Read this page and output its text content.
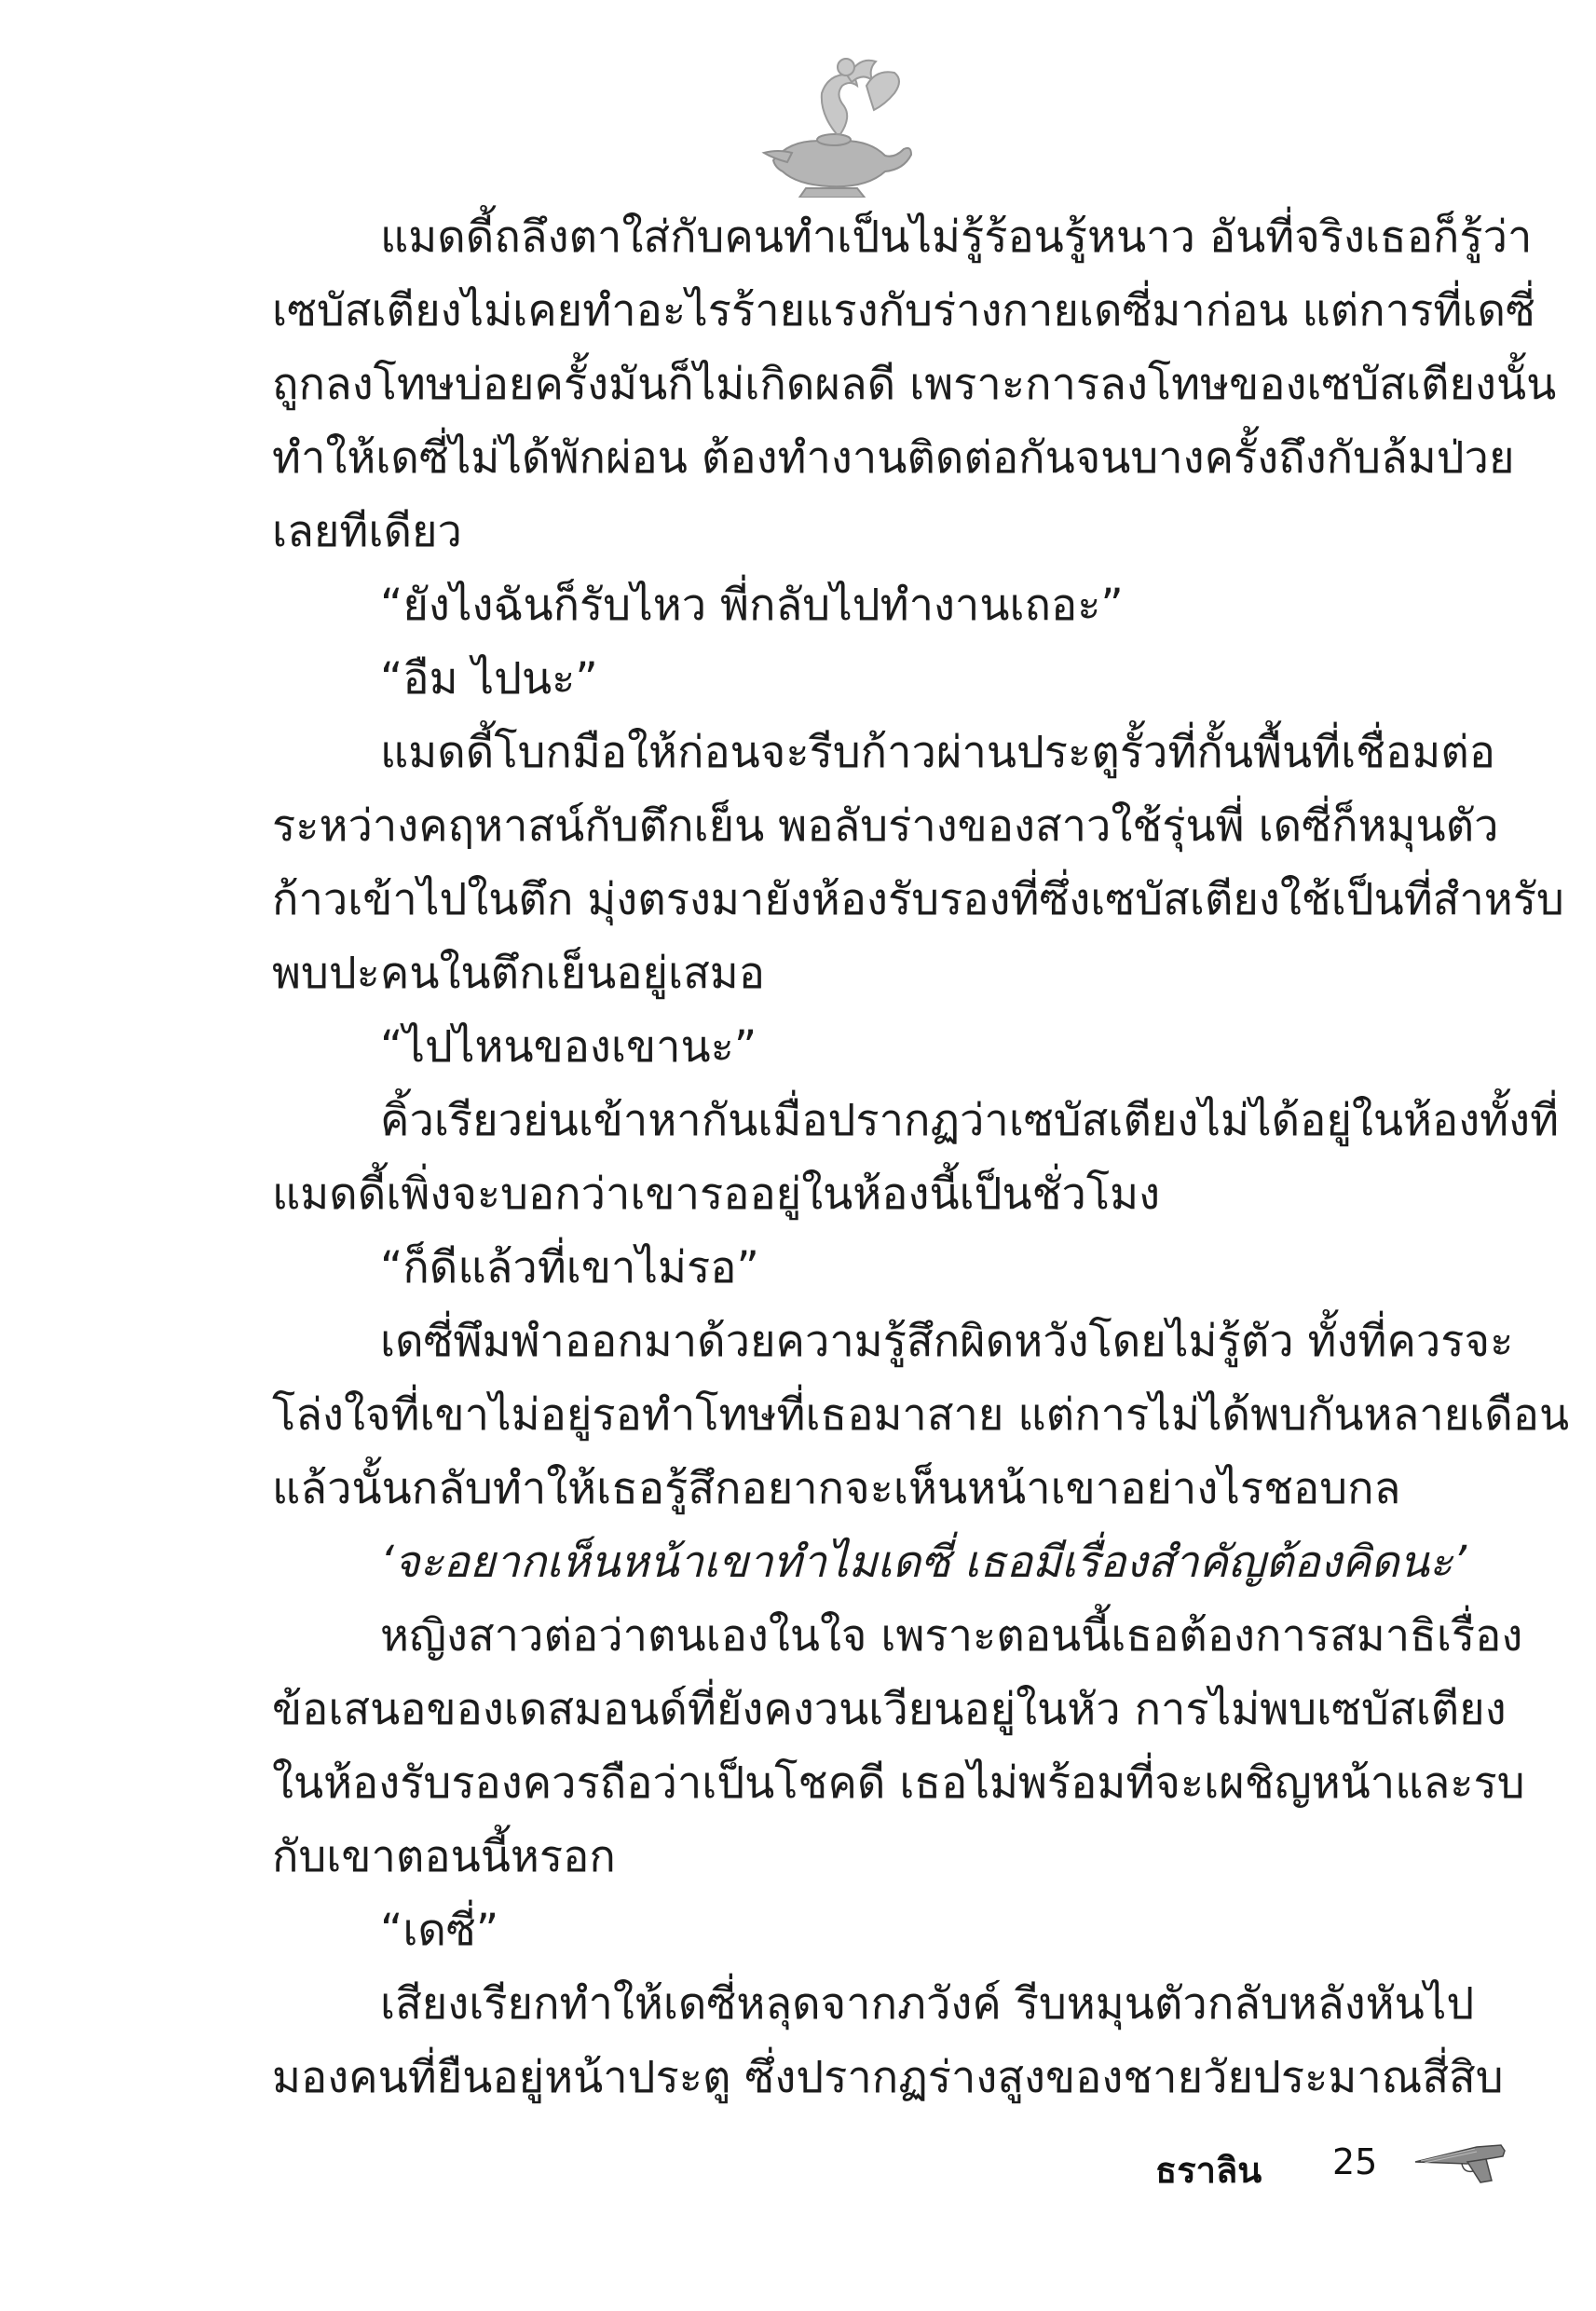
แมดดี้ถลึงตาใส่กับคนทำเป็นไม่รู้ร้อนรู้หนาว อันที่จริงเธอก็รู้ว่า
เซบัสเตียงไม่เคยทำอะไรร้ายแรงกับร่างกายเดซี่มาก่อน แต่การที่เดซี่
ถูกลงโทษบ่อยครั้งมันก็ไม่เกิดผลดี เพราะการลงโทษของเซบัสเตียงนั้น
ทำให้เดซี่ไม่ได้พักผ่อน ต้องทำงานติดต่อกันจนบางครั้งถึงกับล้มป่วย
เลยทีเดียว
“ยังไงฉันก็รับไหว พี่กลับไปทำงานเถอะ”
“อืม ไปนะ”
แมดดี้โบกมือให้ก่อนจะรีบก้าวผ่านประตูรั้วที่กั้นพื้นที่เชื่อมต่อ
ระหว่างคฤหาสน์กับตึกเย็น พอลับร่างของสาวใช้รุ่นพี่ เดซี่ก็หมุนตัว
ก้าวเข้าไปในตึก มุ่งตรงมายังห้องรับรองที่ซึ่งเซบัสเตียงใช้เป็นที่สำหรับ
พบปะคนในตึกเย็นอยู่เสมอ
“ไปไหนของเขานะ”
คิ้วเรียวย่นเข้าหากันเมื่อปรากฏว่าเซบัสเตียงไม่ได้อยู่ในห้องทั้งที่
แมดดี้เพิ่งจะบอกว่าเขารออยู่ในห้องนี้เป็นชั่วโมง
“ก็ดีแล้วที่เขาไม่รอ”
เดซี่พึมพำออกมาด้วยความรู้สึกผิดหวังโดยไม่รู้ตัว ทั้งที่ควรจะ
โล่งใจที่เขาไม่อยู่รอทำโทษที่เธอมาสาย แต่การไม่ได้พบกันหลายเดือน
แล้วนั้นกลับทำให้เธอรู้สึกอยากจะเห็นหน้าเขาอย่างไรชอบกล
‘จะอยากเห็นหน้าเขาทำไมเดซี่ เธอมีเรื่องสำคัญต้องคิดนะ’
หญิงสาวต่อว่าตนเองในใจ เพราะตอนนี้เธอต้องการสมาธิเรื่อง
ข้อเสนอของเดสมอนด์ที่ยังคงวนเวียนอยู่ในหัว การไม่พบเซบัสเตียง
ในห้องรับรองควรถือว่าเป็นโชคดี เธอไม่พร้อมที่จะเผชิญหน้าและรบ
กับเขาตอนนี้หรอก
“เดซี่”
เสียงเรียกทำให้เดซี่หลุดจากภวังค์ รีบหมุนตัวกลับหลังหันไป
มองคนที่ยืนอยู่หน้าประตู ซึ่งปรากฏร่างสูงของชายวัยประมาณสี่สิบ
ธราลิน 25
